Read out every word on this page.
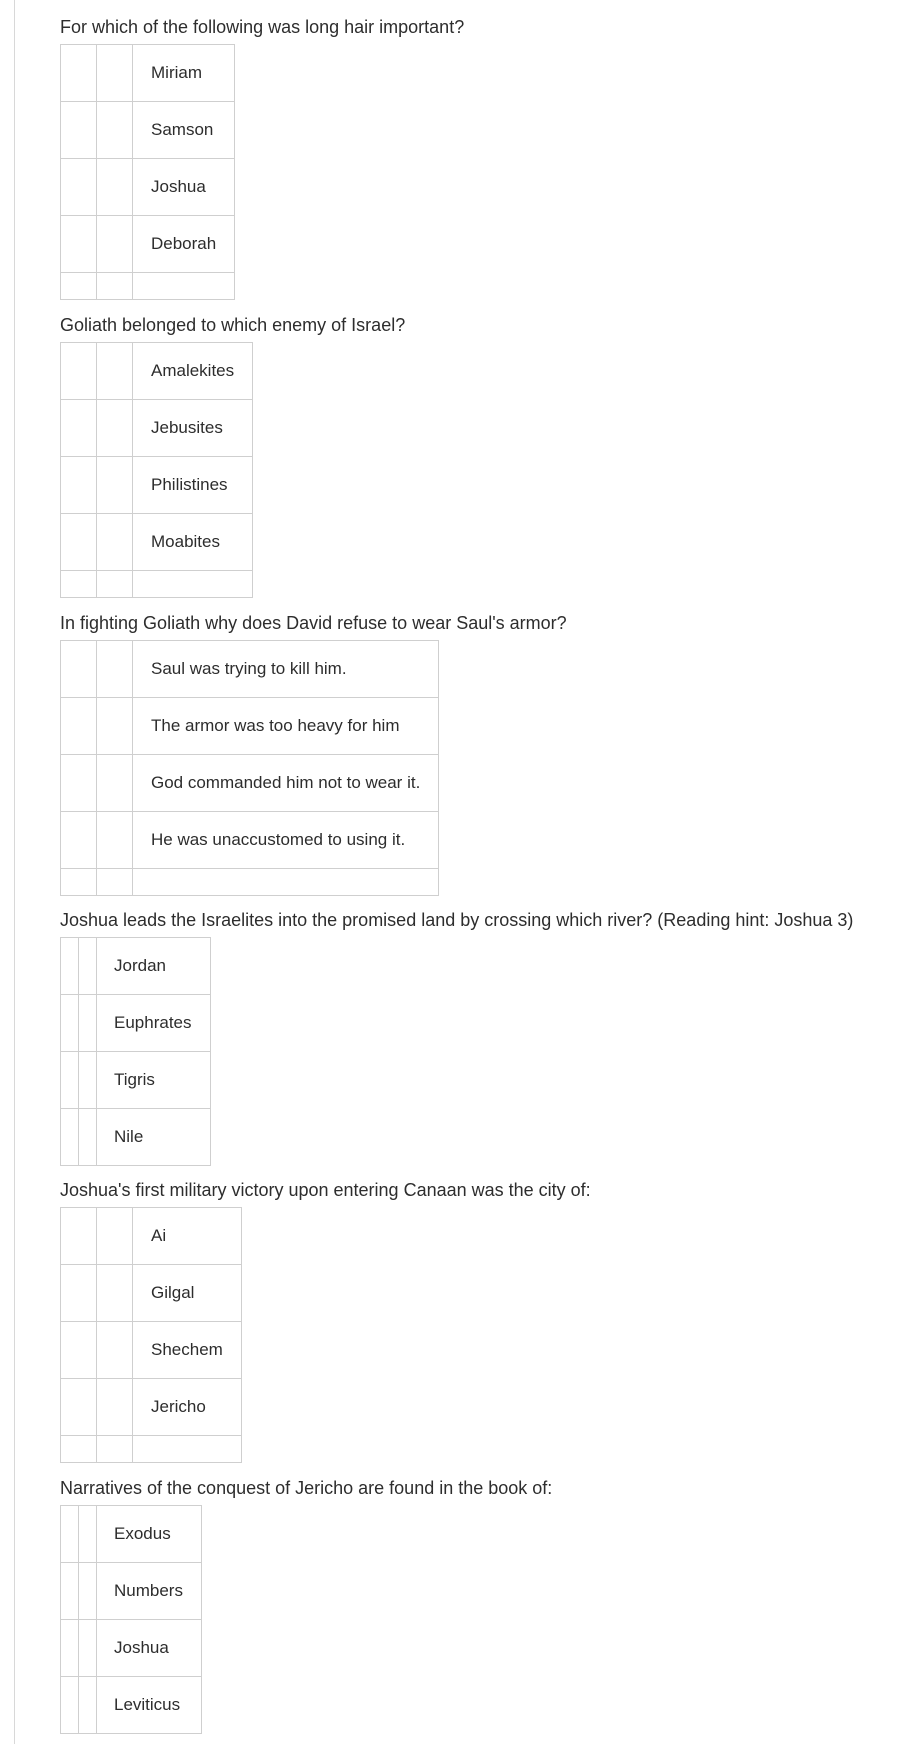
For which of the following was long hair important?

		Miriam
		Samson
		Joshua
		Deborah

Goliath belonged to which enemy of Israel?

		Amalekites
		Jebusites
		Philistines
		Moabites

In fighting Goliath why does David refuse to wear Saul's armor?

		Saul was trying to kill him.
		The armor was too heavy for him
		God commanded him not to wear it.
		He was unaccustomed to using it.

Joshua leads the Israelites into the promised land by crossing which river? (Reading hint: Joshua 3)

		Jordan
		Euphrates
		Tigris
		Nile

Joshua's first military victory upon entering Canaan was the city of:

		Ai
		Gilgal
		Shechem
		Jericho

Narratives of the conquest of Jericho are found in the book of:

		Exodus
		Numbers
		Joshua
		Leviticus
